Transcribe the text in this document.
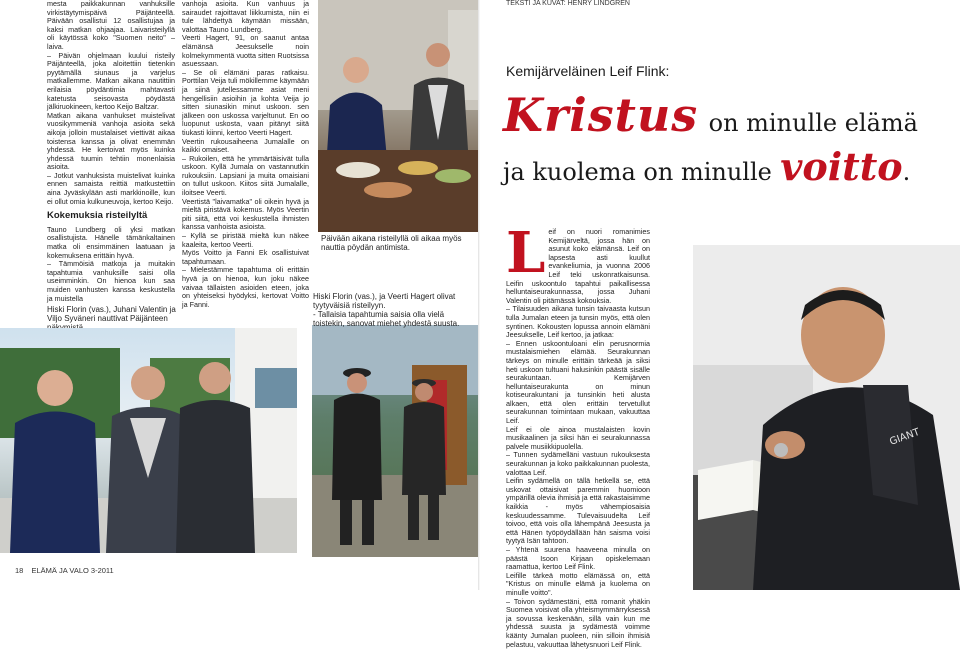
mesta paikkakunnan vanhuksille virkistäytymispäivä Päijänteellä. Päivään osallistui 12 osallistujaa ja kaksi matkan ohjaajaa. Laivaristeilyllä oli käytössä koko "Suomen neito" –laiva.

– Päivän ohjelmaan kuului risteily Päijänteellä, joka aloitettiin tietenkin pyytämällä siunaus ja varjelus matkallemme. Matkan aikana nautittiin erilaisia pöydäntimia mahtavasti katetusta seisovasta pöydästä jälkiruokineen, kertoo Keijo Baltzar.

Matkan aikana vanhukset muistelivat vuosikymmeniä vanhoja asioita sekä aikoja jolloin mustalaiset viettivät aikaa toistensa kanssa ja olivat enemmän yhdessä. He kertoivat myös kuinka yhdessä tuumin tehtiin monenlaisia asioita.

– Jotkut vanhuksista muistelivat kuinka ennen samaista reittiä matkustettiin aina Jyväskylään asti markkinoille, kun ei ollut omia kulkuneuvoja, kertoo Keijo.

Kokemuksia risteilyltä

Tauno Lundberg oli yksi matkan osallistujista. Hänelle tämänkaltainen matka oli ensimmäinen laatuaan ja kokemuksena erittäin hyvä.

– Tämmöisiä matkoja ja muitakin tapahtumia vanhuksille saisi olla useimminkin. On hienoa kun saa muiden vanhusten kanssa keskustella ja muistella

Hiski Florin (vas.), Juhani Valentin ja Viljo Syväneri nauttivat Päijänteen

vanhoja asioita. Kun vanhuus ja sairaudet rajoittavat liikkumista, niin ei tule lähdettyä käymään missään, valottaa Tauno Lundberg.

Veerti Hagert, 91, on saanut antaa elämänsä Jeesukselle noin kolmekymmentä vuotta sitten Ruotsissa asuessaan.

– Se oli elämäni paras ratkaisu. Porttilan Veija tuli mökillemme käymään ja siinä jutellessamme asiat meni hengellisiin asioihin ja kohta Veija jo sitten siunasikin minut uskoon. sen jälkeen oon uskossa varjeltunut. En oo luopunut uskosta, vaan pitänyt siitä tiukasti kiinni, kertoo Veerti Hagert.

Veertin rukousaiheena Jumalalle on kaikki omaiset.

– Rukoilen, että he ymmärtäisivät tulla uskoon. Kyllä Jumala on vastannutkin rukouksiin. Lapsiani ja muita omaisiani on tullut uskoon. Kiitos siitä Jumalalle, iloitsee Veerti.

Veertistä "laivamatka" oli oikein hyvä ja mieltä piristävä kokemus. Myös Veertin piti siitä, että voi keskustella ihmisten kanssa vanhoista asioista.

– Kyllä se piristää mieltä kun näkee kaaleita, kertoo Veerti.

Myös Voitto ja Fanni Ek osallistuivat tapahtumaan.

– Mielestämme tapahtuma oli erittäin hyvä ja on hienoa, kun joku näkee vaivaa tällaisten asioiden eteen, joka on yhteiseksi hyödyksi, kertovat Voitto ja Fanni.

Päivään aikana risteilyllä oli aikaa myös nauttia pöydän antimista.
Hiski Florin (vas.), ja Veerti Hagert olivat tyytyväisiä risteilyyn.
- Tallaisia tapahtumia saisia olla vielä toistekin, sanovat miehet yhdestä suusta.
18 ELÄMÄ JA VALO 3-2011
TEKSTI JA KUVAT: HENRY LINDGREN
Kemijärveläinen Leif Flink:
Kristus on minulle elämä
ja kuolema on minulle voitto.

Leif on nuori romanimies Kemijärveltä, jossa hän on asunut koko elämänsä. Leif on lapsesta asti kuullut evankeliumia, ja vuonna 2006 Leif teki uskonratkaisunsa. Leifin uskoontulo tapahtui paikallisessa helluntaiseurakunnassa, jossa Juhani Valentin oli pitämässä kokouksia.

– Tilaisuuden aikana tunsin taivaasta kutsun tulla Jumalan eteen ja tunsin myös, että olen syntinen. Kokousten lopussa annoin elämäni Jeesukselle, Leif kertoo, ja jatkaa:

– Ennen uskoontuloani elin perusnormia mustalaismiehen elämää. Seurakunnan tärkeys on minulle erittäin tärkeää ja siksi heti uskoon tultuani halusinkin päästä sisälle seurakuntaan. Kemijärven helluntaiseurakunta on minun kotiseurakuntani ja tunsinkin heti alusta alkaen, että olen erittäin tervetullut seurakunnan toimintaan mukaan, vakuuttaa Leif.

Leif ei ole ainoa mustalaisten kovin musikaalinen ja siksi hän ei seurakunnassa palvele musiikkipuolella.

– Tunnen sydämelläni vastuun rukouksesta seurakunnan ja koko paikkakunnan puolesta, valottaa Leif.

Leifin sydämellä on tällä hetkellä se, että uskovat ottaisivat paremmin huomioon ympärillä olevia ihmisiä ja että rakastaisimme kaikkia - myös vähempiosaisia keskuudessamme. Tulevaisuudelta Leif toivoo, että vois olla lähempänä Jeesusta ja että Hänen työpöydällään hän saisma voisi tyytyä Isän tahtoon.

– Yhtenä suurena haaveena minulla on päästä Isoon Kirjaan opiskelemaan raamattua, kertoo Leif Flink.

Leifille tärkeä motto elämässä on, että "Kristus on minulle elämä ja kuolema on minulle voitto".

– Toivon sydämestäni, että romanit yhäkin Suomea voisivat olla yhteismymmärryksessä ja sovussa keskenään, sillä vain kun me yhdessä suusta ja sydämestä voimme käänty Jumalan puoleen, niin silloin ihmisiä pelastuu, vakuuttaa lähetysnuori Leif Flink.

GIANT
